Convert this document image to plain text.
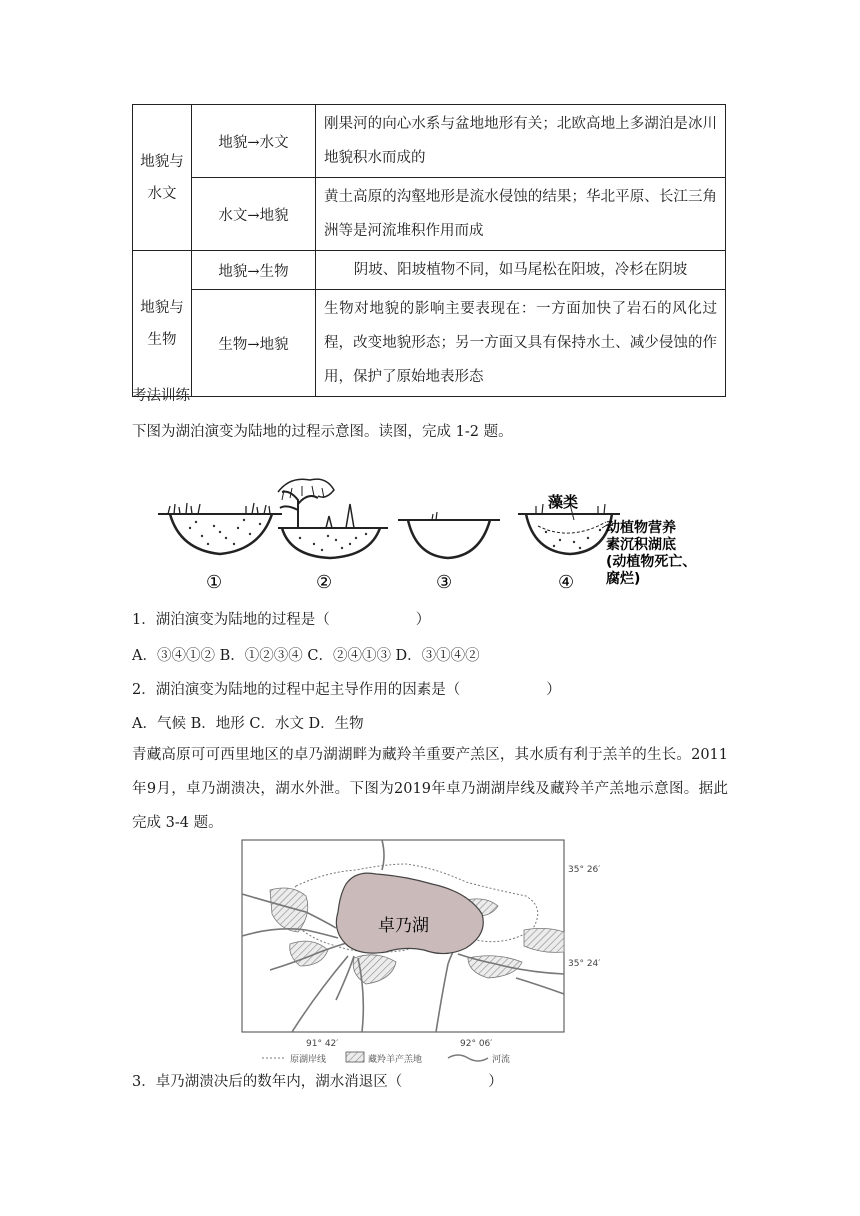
地貌与水文	地貌→水文	刚果河的向心水系与盆地地形有关；北欧高地上多湖泊是冰川地貌积水而成的
	水文→地貌	黄土高原的沟壑地形是流水侵蚀的结果；华北平原、长江三角洲等是河流堆积作用而成
地貌与生物	地貌→生物	阴坡、阳坡植物不同，如马尾松在阳坡，冷杉在阴坡
	生物→地貌	生物对地貌的影响主要表现在：一方面加快了岩石的风化过程，改变地貌形态；另一方面又具有保持水土、减少侵蚀的作用，保护了原始地表形态
考法训练
下图为湖泊演变为陆地的过程示意图。读图，完成 1-2 题。
藻类
动植物营养
素沉积湖底
(动植物死亡、
腐烂)
①	②	③	④
1．湖泊演变为陆地的过程是（	）
A．③④①② B．①②③④ C．②④①③ D．③①④②
2．湖泊演变为陆地的过程中起主导作用的因素是（	）
A．气候 B．地形 C．水文 D．生物
青藏高原可可西里地区的卓乃湖湖畔为藏羚羊重要产羔区，其水质有利于羔羊的生长。2011年9月，卓乃湖溃决，湖水外泄。下图为2019年卓乃湖湖岸线及藏羚羊产羔地示意图。据此完成 3-4 题。
卓乃湖
35° 26′
35° 24′
91° 42′	92° 06′
原湖岸线	藏羚羊产羔地	河流
3．卓乃湖溃决后的数年内，湖水消退区（	）
